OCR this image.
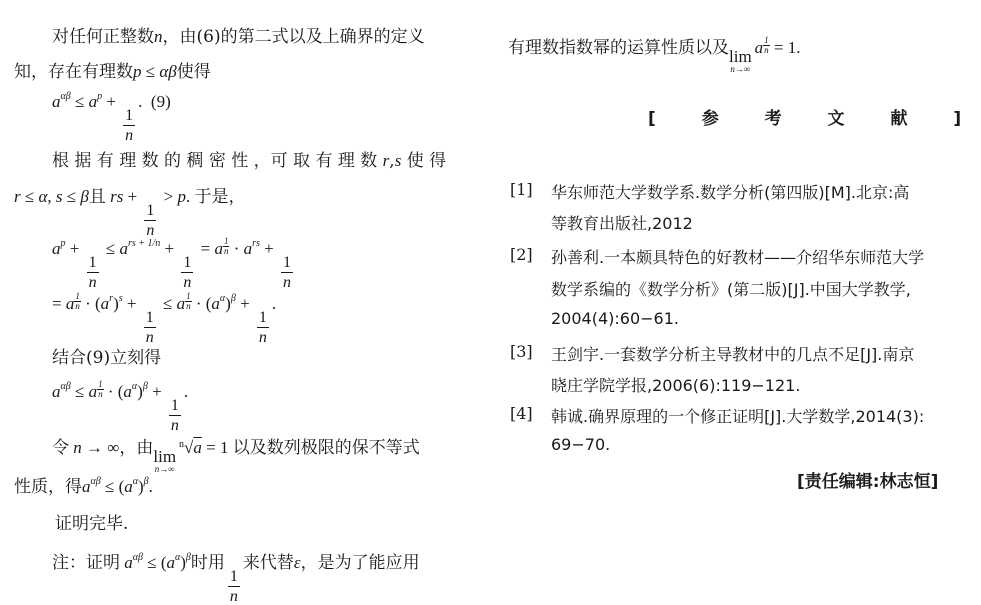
对任何正整数n，由(6)的第二式以及上确界的定义
知，存在有理数p ≤ αβ使得
$a^{\alpha\beta} \le a^p$ +
$\frac{1}{n}$
.  (9)
根 据 有 理 数 的 稠 密 性 ，可 取 有 理 数 r,s 使 得
r ≤ α, s ≤ β且 rs +
$\frac{1}{n}$
> p. 于是，
$a^p$ +
$\frac{1}{n}$
≤ $a^{rs + 1/n}$ +
$\frac{1}{n}$
= a $\frac{1}{n} \cdot a^{rs}$ +
$\frac{1}{n}$
= a $\frac{1}{n} \cdot (a^r)^s$ +
$\frac{1}{n}$
≤ a $\frac{1}{n} \cdot (a^\alpha)^\beta$ +
$\frac{1}{n}$
.
结合(9)立刻得
$a^{\alpha\beta} \le a \frac{1}{n} \cdot (a^\alpha)^\beta$ +
$\frac{1}{n}$
.
令 n → ∞，由 lim
n→∞
$^n$√a = 1 以及数列极限的保不等式
性质，得$a^{\alpha\beta} \le (a^\alpha)^\beta$.
证明完毕.
注：证明 $a^{\alpha\beta} \le (a^\alpha)^\beta$时用
$\frac{1}{n}$
来代替ε，是为了能应用
有理数指数幂的运算性质以及 lim
n→∞
a $\frac{1}{n} = 1$.
[ 参 考 文 献 ]
[1] 华东师范大学数学系.数学分析(第四版)[M].北京:高
等教育出版社,2012
[2] 孙善利.一本颇具特色的好教材——介绍华东师范大学
数学系编的《数学分析》(第二版)[J].中国大学教学,
2004(4):60−61.
[3] 王剑宇.一套数学分析主导教材中的几点不足[J].南京
晓庄学院学报,2006(6):119−121.
[4] 韩诚.确界原理的一个修正证明[J].大学数学,2014(3):
69−70.
[责任编辑:林志恒]
